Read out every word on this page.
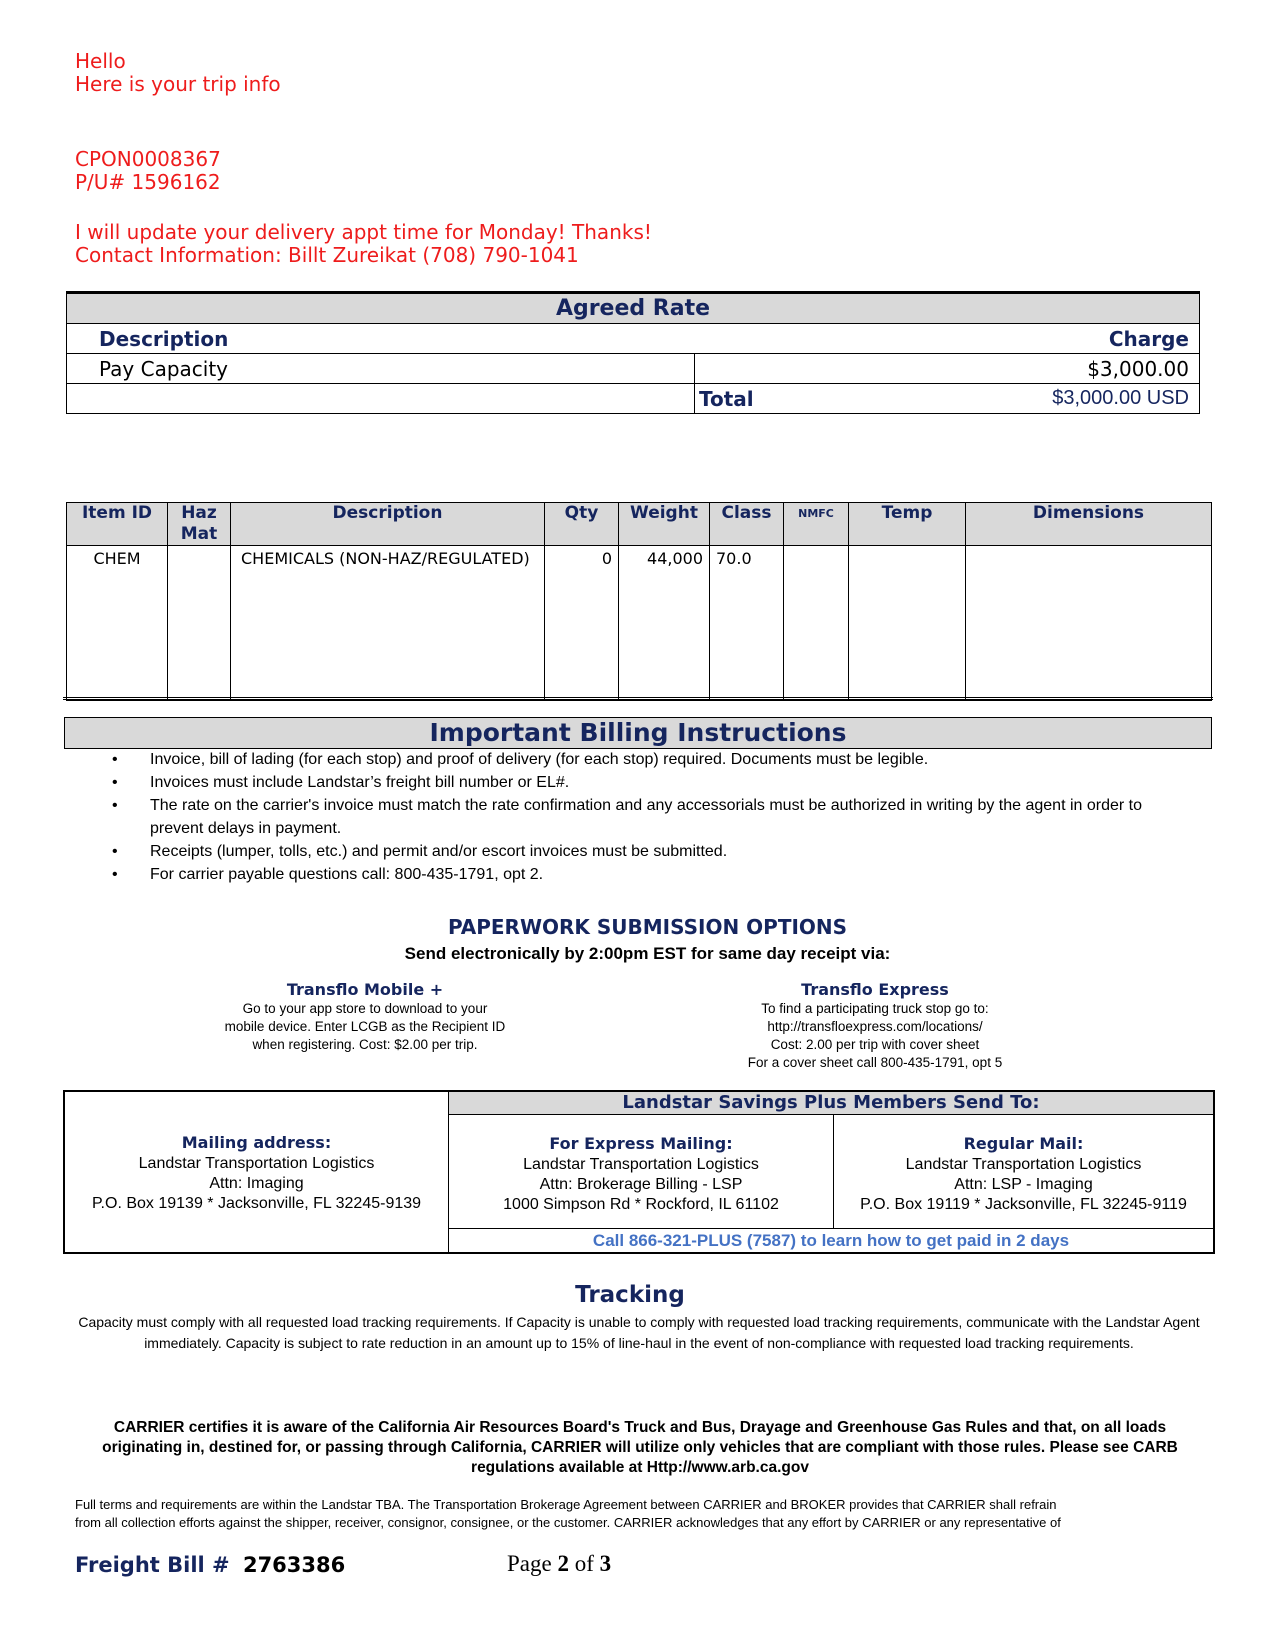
Hello
Here is your trip info
CPON0008367
P/U# 1596162
I will update your delivery appt time for Monday! Thanks!
Contact Information: Billt Zureikat (708) 790-1041
Agreed Rate	
Description Charge	

Pay Capacity	$3,000.00
	Total $3,000.00 USD
Item ID	Haz Mat	Description	Qty	Weight	Class	NMFC	Temp	Dimensions
CHEM		CHEMICALS (NON-HAZ/REGULATED)	0	44,000	70.0			
Important Billing Instructions
•	Invoice, bill of lading (for each stop) and proof of delivery (for each stop) required. Documents must be legible.
•	Invoices must include Landstar’s freight bill number or EL#.
•	The rate on the carrier's invoice must match the rate confirmation and any accessorials must be authorized in writing by the agent in order to prevent delays in payment.
•	Receipts (lumper, tolls, etc.) and permit and/or escort invoices must be submitted.
•	For carrier payable questions call: 800-435-1791, opt 2.
PAPERWORK SUBMISSION OPTIONS
Send electronically by 2:00pm EST for same day receipt via:
Transflo Mobile +
Go to your app store to download to your
mobile device. Enter LCGB as the Recipient ID
when registering. Cost: $2.00 per trip.
Transflo Express
To find a participating truck stop go to:
http://transfloexpress.com/locations/
Cost: 2.00 per trip with cover sheet
For a cover sheet call 800-435-1791, opt 5
Mailing address:
Landstar Transportation Logistics
Attn: Imaging
P.O. Box 19139 * Jacksonville, FL 32245-9139
Landstar Savings Plus Members Send To:
For Express Mailing:
Landstar Transportation Logistics
Attn: Brokerage Billing - LSP
1000 Simpson Rd * Rockford, IL 61102
Regular Mail:
Landstar Transportation Logistics
Attn: LSP - Imaging
P.O. Box 19119 * Jacksonville, FL 32245-9119
Call 866-321-PLUS (7587) to learn how to get paid in 2 days
Tracking
Capacity must comply with all requested load tracking requirements. If Capacity is unable to comply with requested load tracking requirements, communicate with the Landstar Agent immediately. Capacity is subject to rate reduction in an amount up to 15% of line-haul in the event of non-compliance with requested load tracking requirements.
CARRIER certifies it is aware of the California Air Resources Board's Truck and Bus, Drayage and Greenhouse Gas Rules and that, on all loads originating in, destined for, or passing through California, CARRIER will utilize only vehicles that are compliant with those rules. Please see CARB regulations available at Http://www.arb.ca.gov
Full terms and requirements are within the Landstar TBA. The Transportation Brokerage Agreement between CARRIER and BROKER provides that CARRIER shall refrain
from all collection efforts against the shipper, receiver, consignor, consignee, or the customer. CARRIER acknowledges that any effort by CARRIER or any representative of
Freight Bill # 2763386	Page 2 of 3
